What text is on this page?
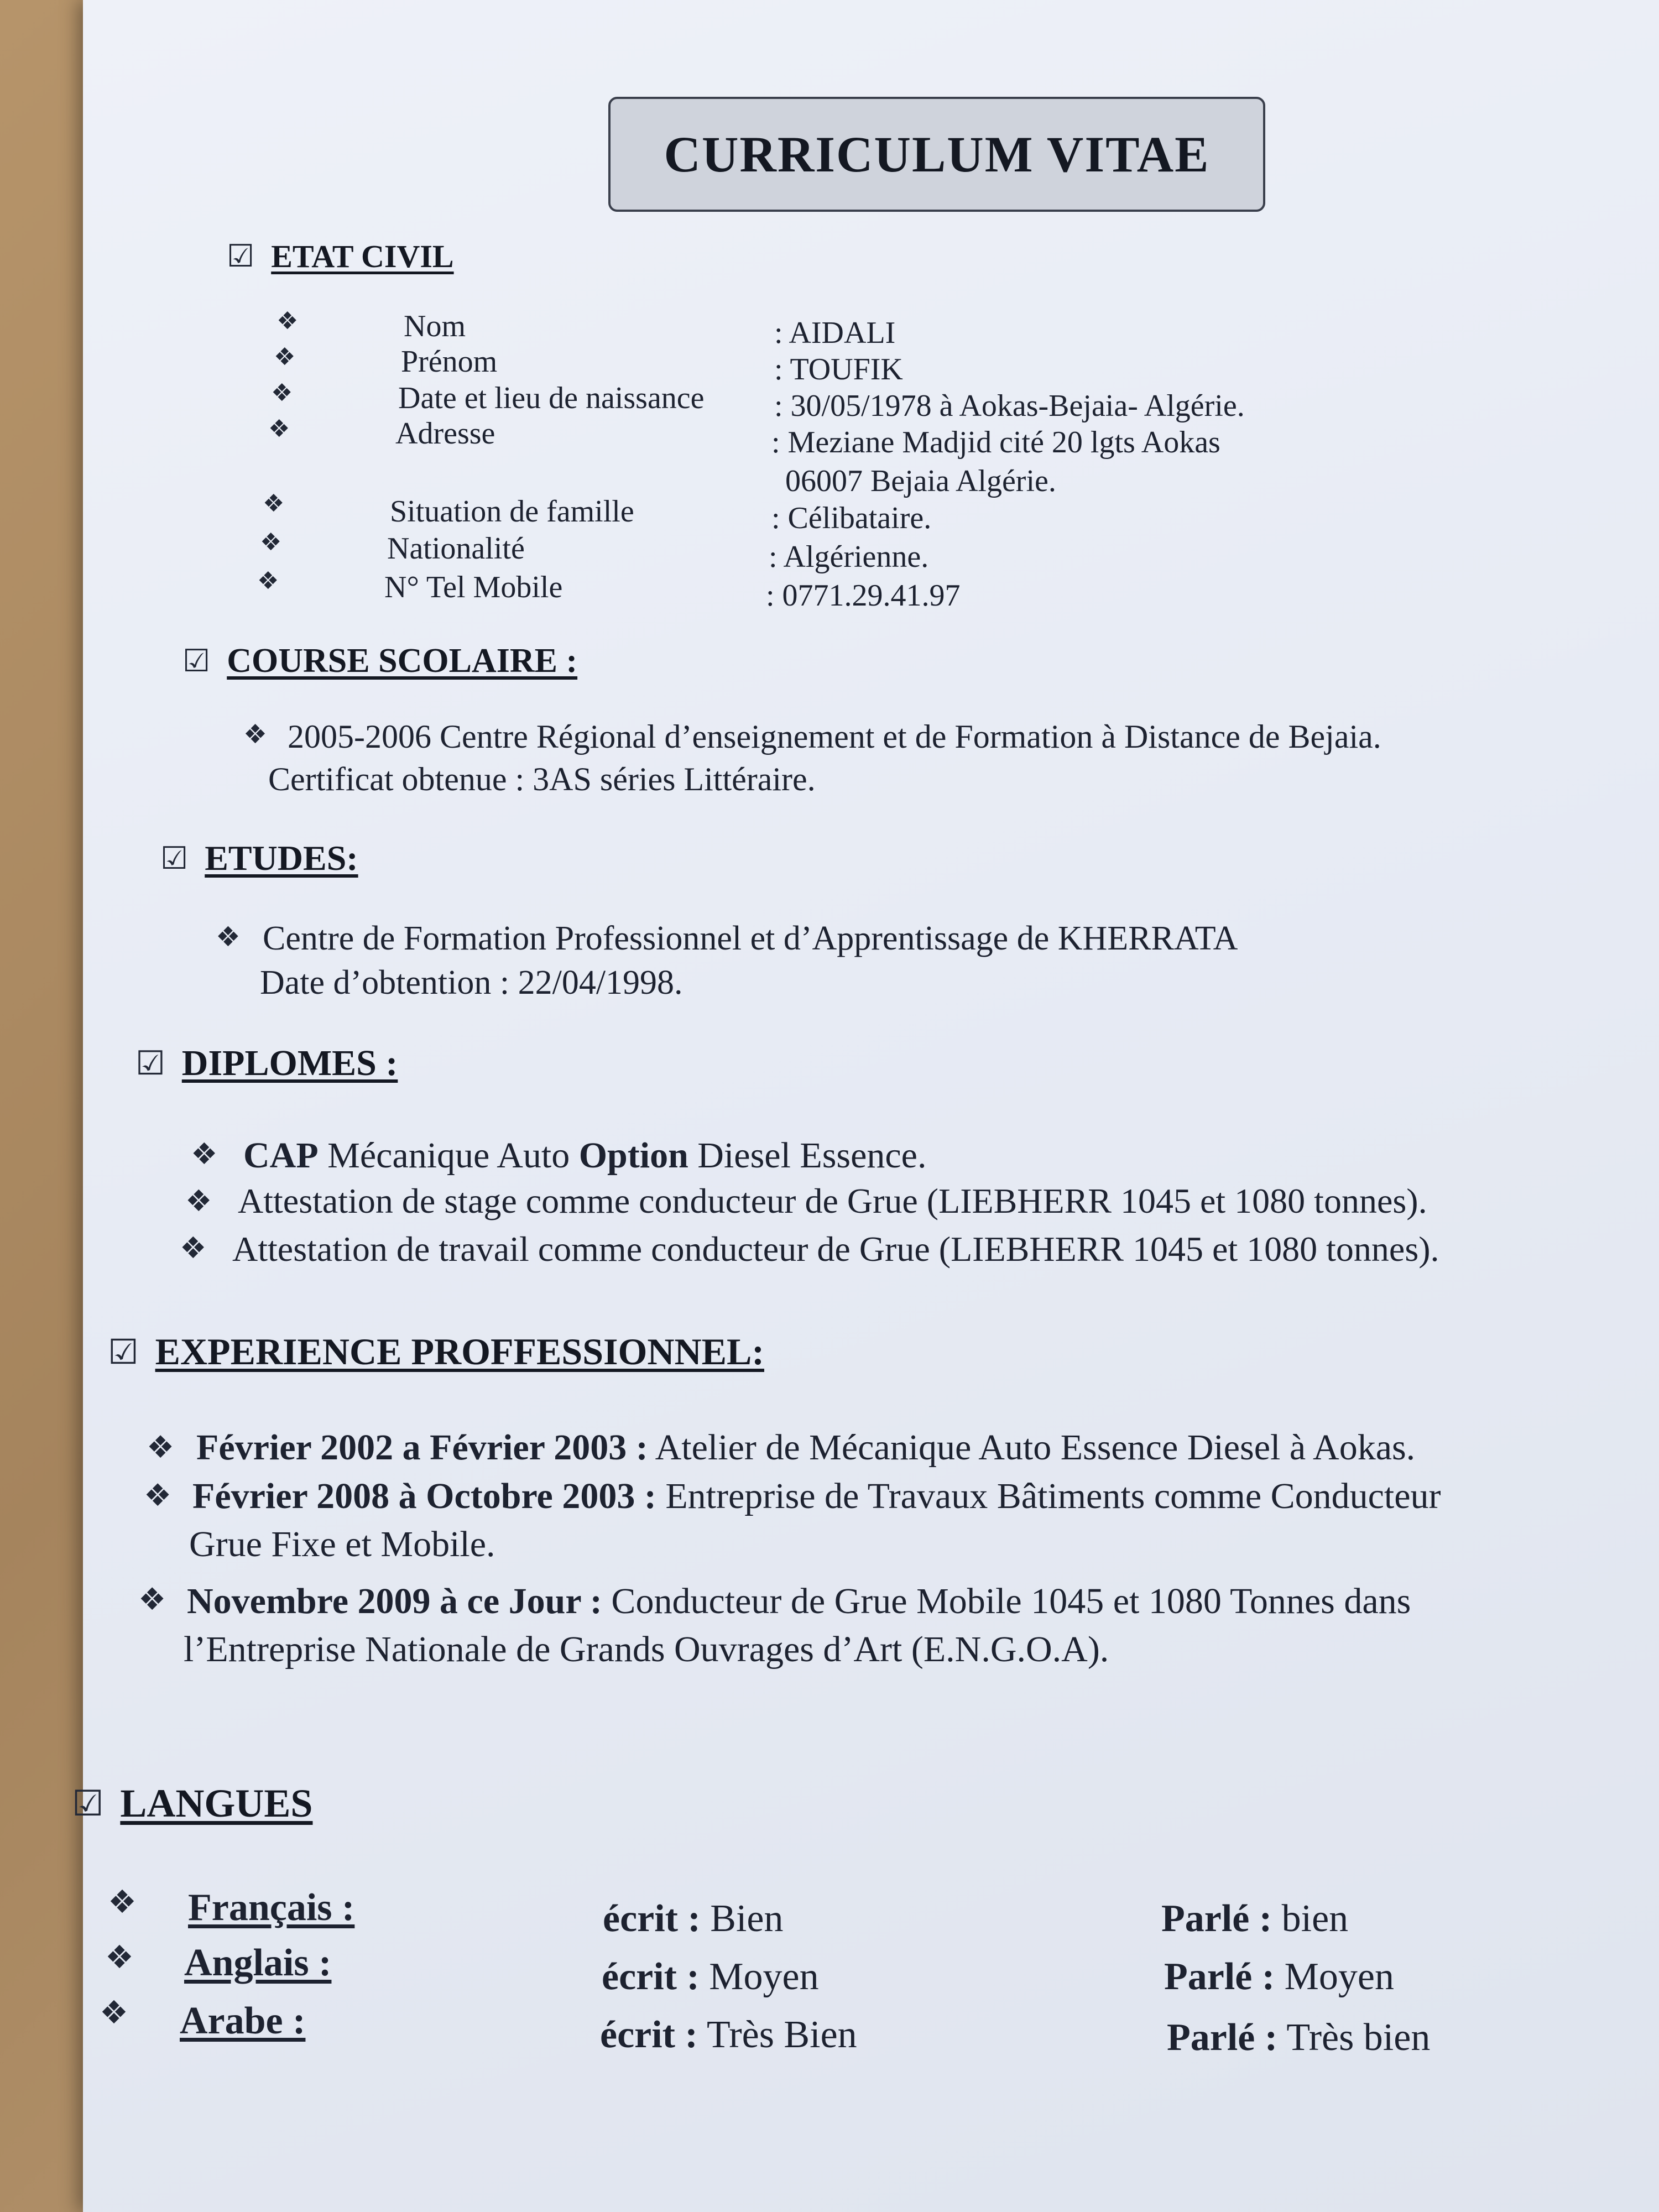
CURRICULUM VITAE
☑ ETAT CIVIL
❖	Nom	: AIDALI
❖	Prénom	: TOUFIK
❖	Date et lieu de naissance : 30/05/1978 à Aokas-Bejaia- Algérie.
❖	Adresse	: Meziane Madjid cité 20 lgts Aokas
06007 Bejaia Algérie.
❖	Situation de famille	: Célibataire.
❖	Nationalité	: Algérienne.
❖	N° Tel Mobile	: 0771.29.41.97
☑ COURSE SCOLAIRE :
❖ 2005-2006 Centre Régional d’enseignement et de Formation à Distance de Bejaia.
Certificat obtenue : 3AS séries Littéraire.
☑ ETUDES:
❖ Centre de Formation Professionnel et d’Apprentissage de KHERRATA
Date d’obtention : 22/04/1998.
☑ DIPLOMES :
❖ CAP Mécanique Auto Option Diesel Essence.
❖ Attestation de stage comme conducteur de Grue (LIEBHERR 1045 et 1080 tonnes).
❖ Attestation de travail comme conducteur de Grue (LIEBHERR 1045 et 1080 tonnes).
☑ EXPERIENCE PROFFESSIONNEL:
❖ Février 2002 a Février 2003 : Atelier de Mécanique Auto Essence Diesel à Aokas.
❖ Février 2008 à Octobre 2003 : Entreprise de Travaux Bâtiments comme Conducteur
Grue Fixe et Mobile.
❖ Novembre 2009 à ce Jour : Conducteur de Grue Mobile 1045 et 1080 Tonnes dans
l’Entreprise Nationale de Grands Ouvrages d’Art (E.N.G.O.A).
☑ LANGUES
❖ Français :	écrit : Bien	Parlé : bien
❖ Anglais :	écrit : Moyen	Parlé : Moyen
❖ Arabe :	écrit : Très Bien	Parlé : Très bien
